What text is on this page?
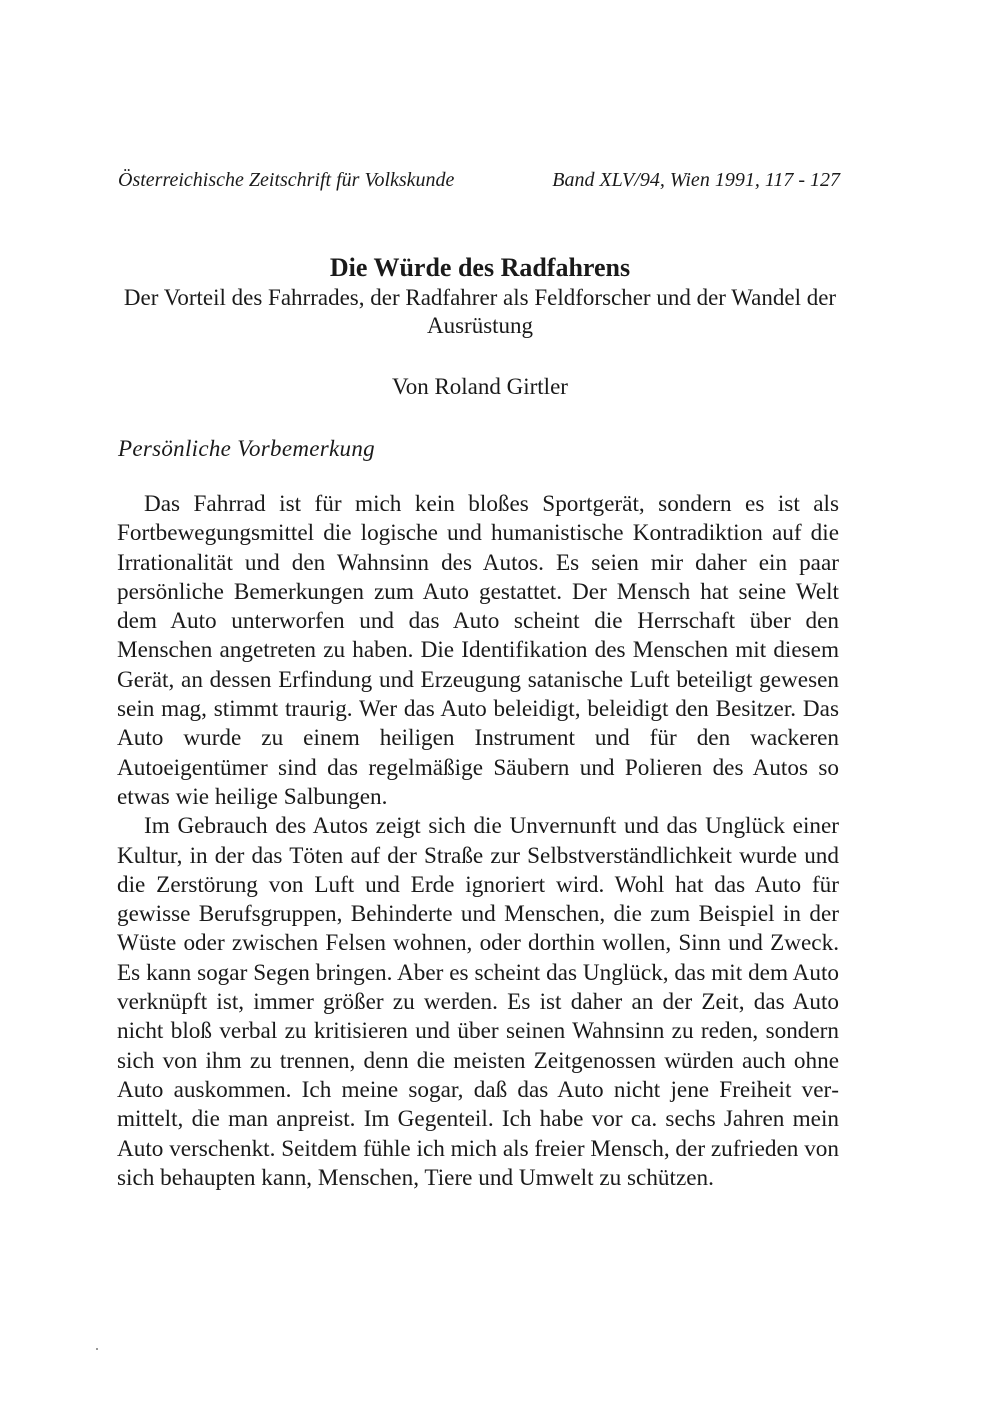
Österreichische Zeitschrift für Volkskunde	Band XLV/94, Wien 1991, 117 - 127
Die Würde des Radfahrens

Der Vorteil des Fahrrades, der Radfahrer als Feldforscher und der Wandel der Ausrüstung

Von Roland Girtler
Persönliche Vorbemerkung

Das Fahrrad ist für mich kein bloßes Sportgerät, sondern es ist als Fortbewegungsmittel die logische und humanistische Kontradiktion auf die Irrationalität und den Wahnsinn des Autos. Es seien mir daher ein paar persönliche Bemerkungen zum Auto gestattet. Der Mensch hat seine Welt dem Auto unterworfen und das Auto scheint die Herrschaft über den Menschen angetreten zu haben. Die Identifikation des Menschen mit diesem Gerät, an dessen Erfindung und Erzeugung satanische Luft beteiligt gewesen sein mag, stimmt traurig. Wer das Auto beleidigt, beleidigt den Besitzer. Das Auto wurde zu einem heiligen Instrument und für den wackeren Autoeigentümer sind das regelmäßige Säubern und Polieren des Autos so etwas wie heilige Salbungen.

Im Gebrauch des Autos zeigt sich die Unvernunft und das Unglück einer Kultur, in der das Töten auf der Straße zur Selbstverständlichkeit wurde und die Zerstörung von Luft und Erde ignoriert wird. Wohl hat das Auto für gewisse Berufsgruppen, Behinderte und Menschen, die zum Beispiel in der Wüste oder zwischen Felsen wohnen, oder dorthin wollen, Sinn und Zweck. Es kann sogar Segen bringen. Aber es scheint das Unglück, das mit dem Auto verknüpft ist, immer größer zu werden. Es ist daher an der Zeit, das Auto nicht bloß verbal zu kritisieren und über seinen Wahnsinn zu reden, sondern sich von ihm zu trennen, denn die meisten Zeitgenossen würden auch ohne Auto auskommen. Ich meine sogar, daß das Auto nicht jene Freiheit vermittelt, die man anpreist. Im Gegenteil. Ich habe vor ca. sechs Jahren mein Auto verschenkt. Seitdem fühle ich mich als freier Mensch, der zufrieden von sich behaupten kann, Menschen, Tiere und Umwelt zu schützen.
